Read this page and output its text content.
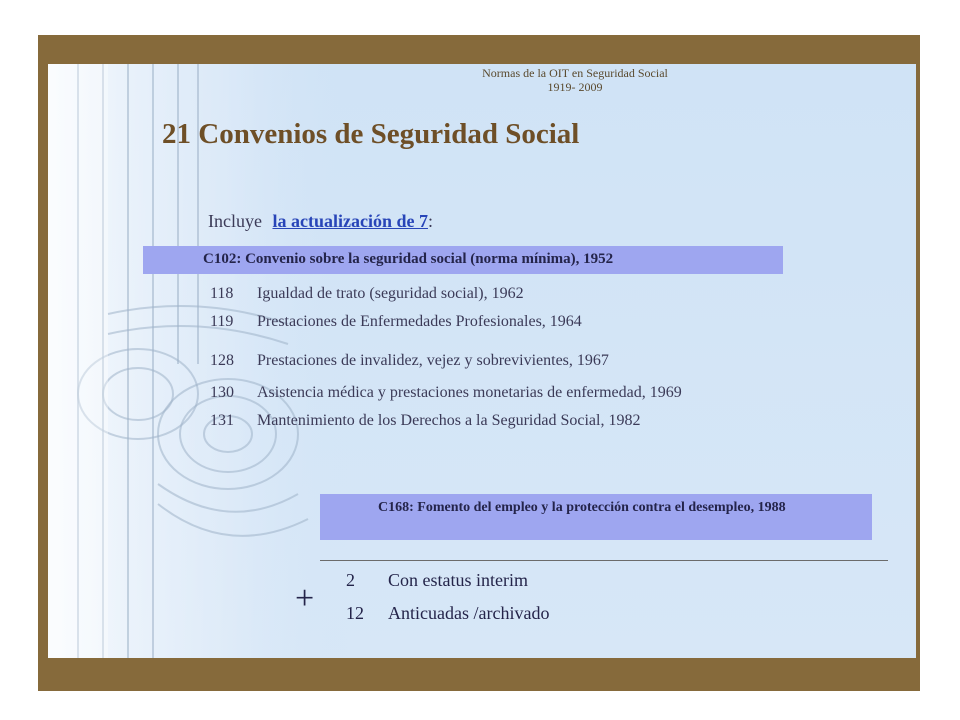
Normas de la OIT en Seguridad Social
1919- 2009
21 Convenios de Seguridad Social
Incluye la actualización de 7:
C102: Convenio sobre la seguridad social (norma mínima), 1952
118 Igualdad de trato (seguridad social), 1962
119 Prestaciones de Enfermedades Profesionales, 1964
128 Prestaciones de invalidez, vejez y sobrevivientes, 1967
130 Asistencia médica y prestaciones monetarias de enfermedad, 1969
131 Mantenimiento de los Derechos a la Seguridad Social, 1982
C168: Fomento del empleo y la protección contra el desempleo, 1988
+ 2 Con estatus interim
12 Anticuadas /archivado
